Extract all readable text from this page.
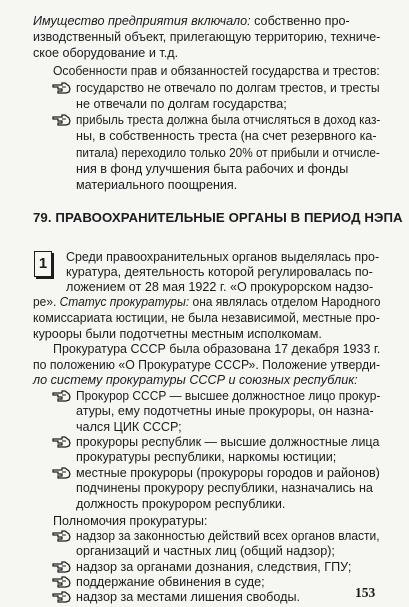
Имущество предприятия включало: собственно про-
изводственный объект, прилегающую территорию, техниче-
ское оборудование и т.д.
Особенности прав и обязанностей государства и трестов:
государство не отвечало по долгам трестов, и тресты
не отвечали по долгам государства;
прибыль треста должна была отчисляться в доход каз-
ны, в собственность треста (на счет резервного ка-
питала) переходило только 20% от прибыли и отчисле-
ния в фонд улучшения быта рабочих и фонды
материального поощрения.
79. ПРАВООХРАНИТЕЛЬНЫЕ ОРГАНЫ В ПЕРИОД НЭПА
1	Среди правоохранительных органов выделялась про-
куратура, деятельность которой регулировалась по-
ложением от 28 мая 1922 г. «О прокурорском надзо-
ре». Статус прокуратуры: она являлась отделом Народного
комиссариата юстиции, не была независимой, местные про-
курооры были подотчетны местным исполкомам.
Прокуратура СССР была образована 17 декабря 1933 г.
по положению «О Прокуратуре СССР». Положение утверди-
ло систему прокуратуры СССР и союзных республик:
Прокурор СССР — высшее должностное лицо прокур-
атуры, ему подотчетны иные прокуроры, он назна-
чался ЦИК СССР;
прокуроры республик — высшие должностные лица
прокуратуры республики, наркомы юстиции;
местные прокуроры (прокуроры городов и районов)
подчинены прокурору республики, назначались на
должность прокурором республики.
Полномочия прокуратуры:
надзор за законностью действий всех органов власти,
организаций и частных лиц (общий надзор);
надзор за органами дознания, следствия, ГПУ;
поддержание обвинения в суде;
надзор за местами лишения свободы.	153
